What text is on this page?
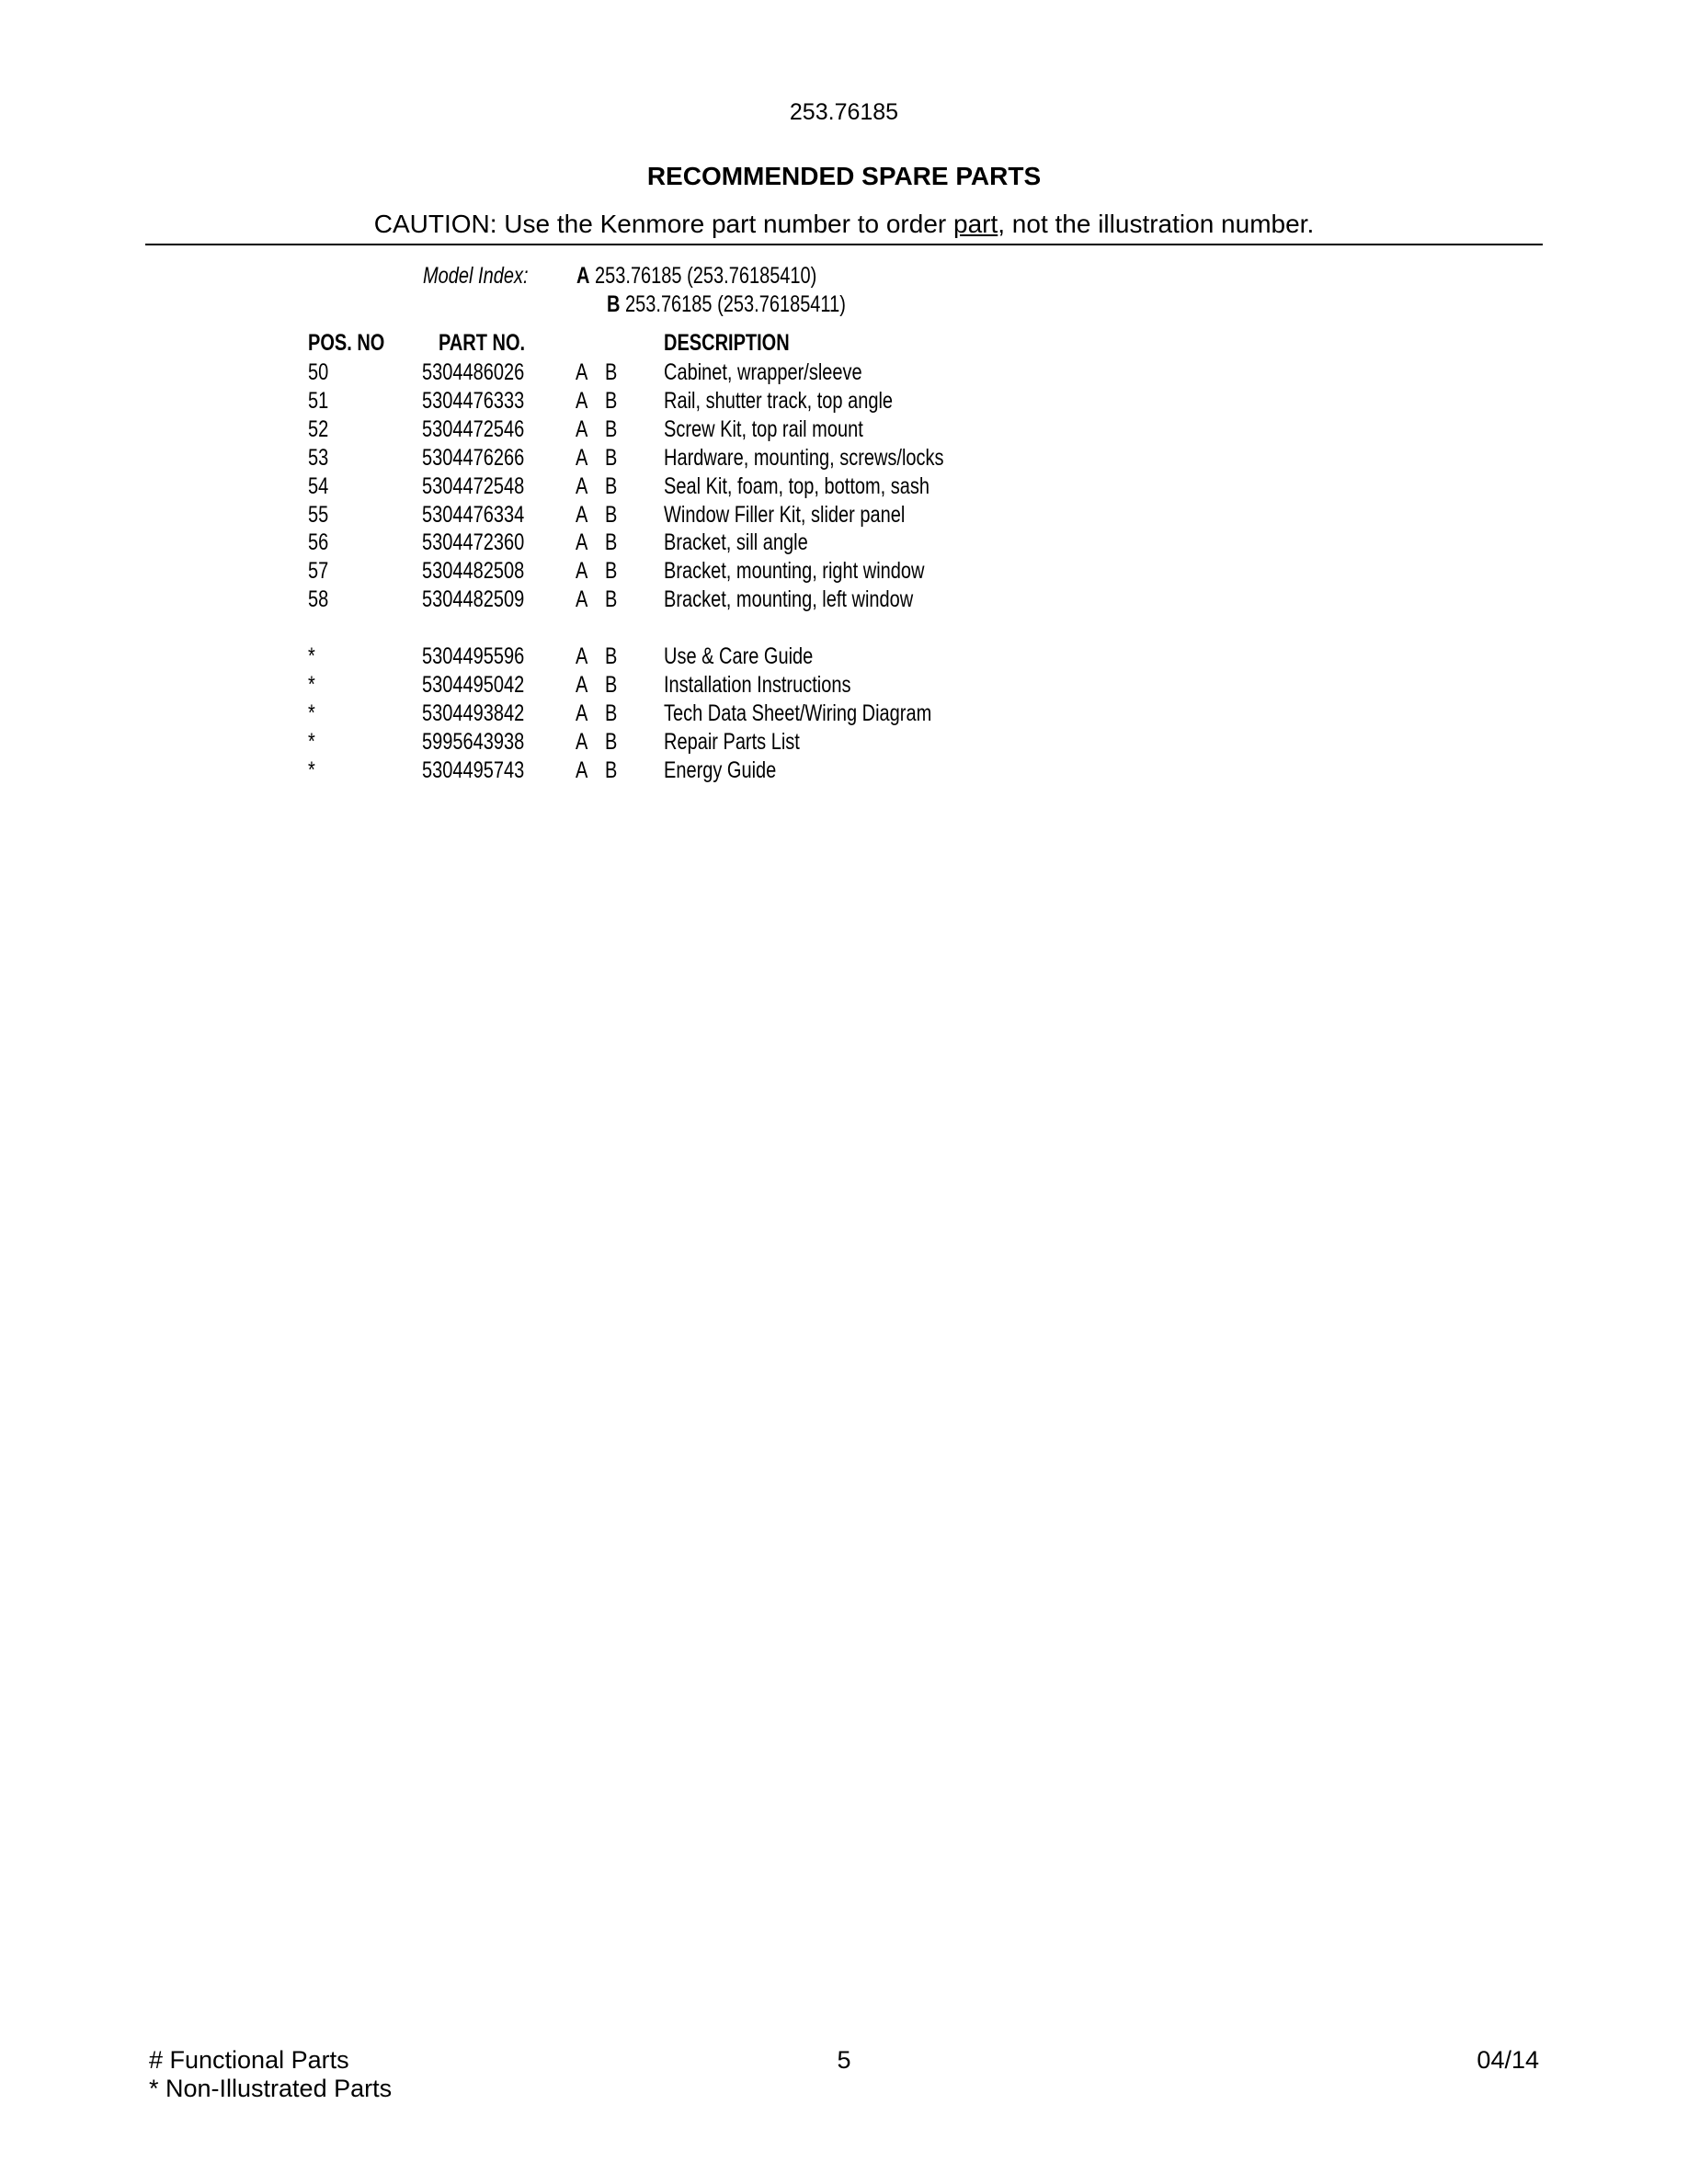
253.76185
RECOMMENDED SPARE PARTS
CAUTION: Use the Kenmore part number to order part, not the illustration number.
Model Index: A 253.76185 (253.76185410)
B 253.76185 (253.76185411)
POS. NO PART NO.	DESCRIPTION
50	5304486026 A B Cabinet, wrapper/sleeve
51	5304476333 A B Rail, shutter track, top angle
52	5304472546 A B Screw Kit, top rail mount
53	5304476266 A B Hardware, mounting, screws/locks
54	5304472548 A B Seal Kit, foam, top, bottom, sash
55	5304476334 A B Window Filler Kit, slider panel
56	5304472360 A B Bracket, sill angle
57	5304482508 A B Bracket, mounting, right window
58	5304482509 A B Bracket, mounting, left window
*	5304495596 A B Use & Care Guide
*	5304495042 A B Installation Instructions
*	5304493842 A B Tech Data Sheet/Wiring Diagram
*	5995643938 A B Repair Parts List
*	5304495743 A B Energy Guide
# Functional Parts
* Non-Illustrated Parts
5	04/14
